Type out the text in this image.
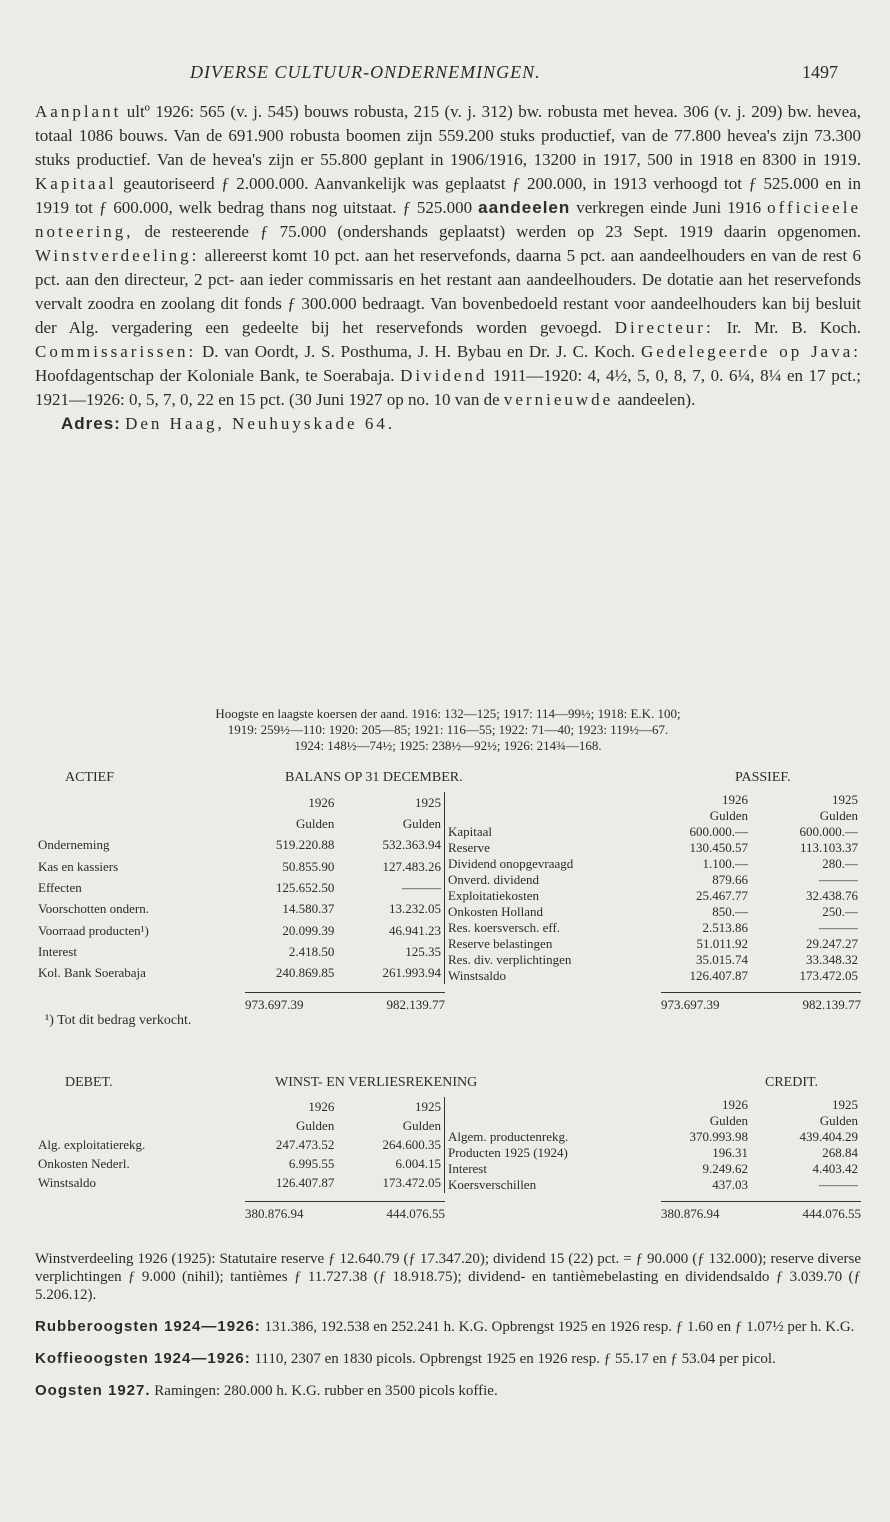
DIVERSE CULTUUR-ONDERNEMINGEN.	1497

Aanplant ultº 1926: 565 (v. j. 545) bouws robusta, 215 (v. j. 312) bw. robusta met hevea. 306 (v. j. 209) bw. hevea, totaal 1086 bouws. Van de 691.900 robusta boomen zijn 559.200 stuks productief, van de 77.800 hevea's zijn 73.300 stuks productief. Van de hevea's zijn er 55.800 geplant in 1906/1916, 13200 in 1917, 500 in 1918 en 8300 in 1919. Kapitaal geautoriseerd ƒ 2.000.000. Aanvankelijk was geplaatst ƒ 200.000, in 1913 verhoogd tot ƒ 525.000 en in 1919 tot ƒ 600.000, welk bedrag thans nog uitstaat. ƒ 525.000 aandeelen verkregen einde Juni 1916 officieele noteering, de resteerende ƒ 75.000 (ondershands geplaatst) werden op 23 Sept. 1919 daarin opgenomen. Winstverdeeling: allereerst komt 10 pct. aan het reservefonds, daarna 5 pct. aan aandeelhouders en van de rest 6 pct. aan den directeur, 2 pct- aan ieder commissaris en het restant aan aandeelhouders. De dotatie aan het reservefonds vervalt zoodra en zoolang dit fonds ƒ 300.000 bedraagt. Van bovenbedoeld restant voor aandeelhouders kan bij besluit der Alg. vergadering een gedeelte bij het reservefonds worden gevoegd. Directeur: Ir. Mr. B. Koch. Commissarissen: D. van Oordt, J. S. Posthuma, J. H. Bybau en Dr. J. C. Koch. Gedelegeerde op Java: Hoofdagentschap der Koloniale Bank, te Soerabaja. Dividend 1911—1920: 4, 4½, 5, 0, 8, 7, 0. 6¼, 8¼ en 17 pct.; 1921—1926: 0, 5, 7, 0, 22 en 15 pct. (30 Juni 1927 op no. 10 van de vernieuwde aandeelen).

Adres: Den Haag, Neuhuyskade 64.

Hoogste en laagste koersen der aand. 1916: 132—125; 1917: 114—99½; 1918: E.K. 100;

1919: 259½—110: 1920: 205—85; 1921: 116—55; 1922: 71—40; 1923: 119½—67.

1924: 148½—74½; 1925: 238½—92½; 1926: 214¾—168.

ACTIEF	BALANS OP 31 DECEMBER.	PASSIEF.
	1926	1925
	Gulden	Gulden
Onderneming	519.220.88	532.363.94
Kas en kassiers	50.855.90	127.483.26
Effecten	125.652.50	———
Voorschotten ondern.	14.580.37	13.232.05
Voorraad producten¹)	20.099.39	46.941.23
Interest	2.418.50	125.35
Kol. Bank Soerabaja	240.869.85	261.993.94
	1926	1925
	Gulden	Gulden
Kapitaal	600.000.—	600.000.—
Reserve	130.450.57	113.103.37
Dividend onopgevraagd	1.100.—	280.—
Onverd. dividend	879.66	———
Exploitatiekosten	25.467.77	32.438.76
Onkosten Holland	850.—	250.—
Res. koersversch. eff.	2.513.86	———
Reserve belastingen	51.011.92	29.247.27
Res. div. verplichtingen	35.015.74	33.348.32
Winstsaldo	126.407.87	173.472.05
973.697.39	982.139.77	973.697.39	982.139.77
¹) Tot dit bedrag verkocht.
DEBET.	WINST- EN VERLIESREKENING	CREDIT.
	1926	1925
	Gulden	Gulden
Alg. exploitatierekg.	247.473.52	264.600.35
Onkosten Nederl.	6.995.55	6.004.15
Winstsaldo	126.407.87	173.472.05
	1926	1925
	Gulden	Gulden
Algem. productenrekg.	370.993.98	439.404.29
Producten 1925 (1924)	196.31	268.84
Interest	9.249.62	4.403.42
Koersverschillen	437.03	———
380.876.94	444.076.55	380.876.94	444.076.55

Winstverdeeling 1926 (1925): Statutaire reserve ƒ 12.640.79 (ƒ 17.347.20); dividend 15 (22) pct. = ƒ 90.000 (ƒ 132.000); reserve diverse verplichtingen ƒ 9.000 (nihil); tantièmes ƒ 11.727.38 (ƒ 18.918.75); dividend- en tantièmebelasting en dividendsaldo ƒ 3.039.70 (ƒ 5.206.12).

Rubberoogsten 1924—1926: 131.386, 192.538 en 252.241 h. K.G. Opbrengst 1925 en 1926 resp. ƒ 1.60 en ƒ 1.07½ per h. K.G.

Koffieoogsten 1924—1926: 1110, 2307 en 1830 picols. Opbrengst 1925 en 1926 resp. ƒ 55.17 en ƒ 53.04 per picol.

Oogsten 1927. Ramingen: 280.000 h. K.G. rubber en 3500 picols koffie.
